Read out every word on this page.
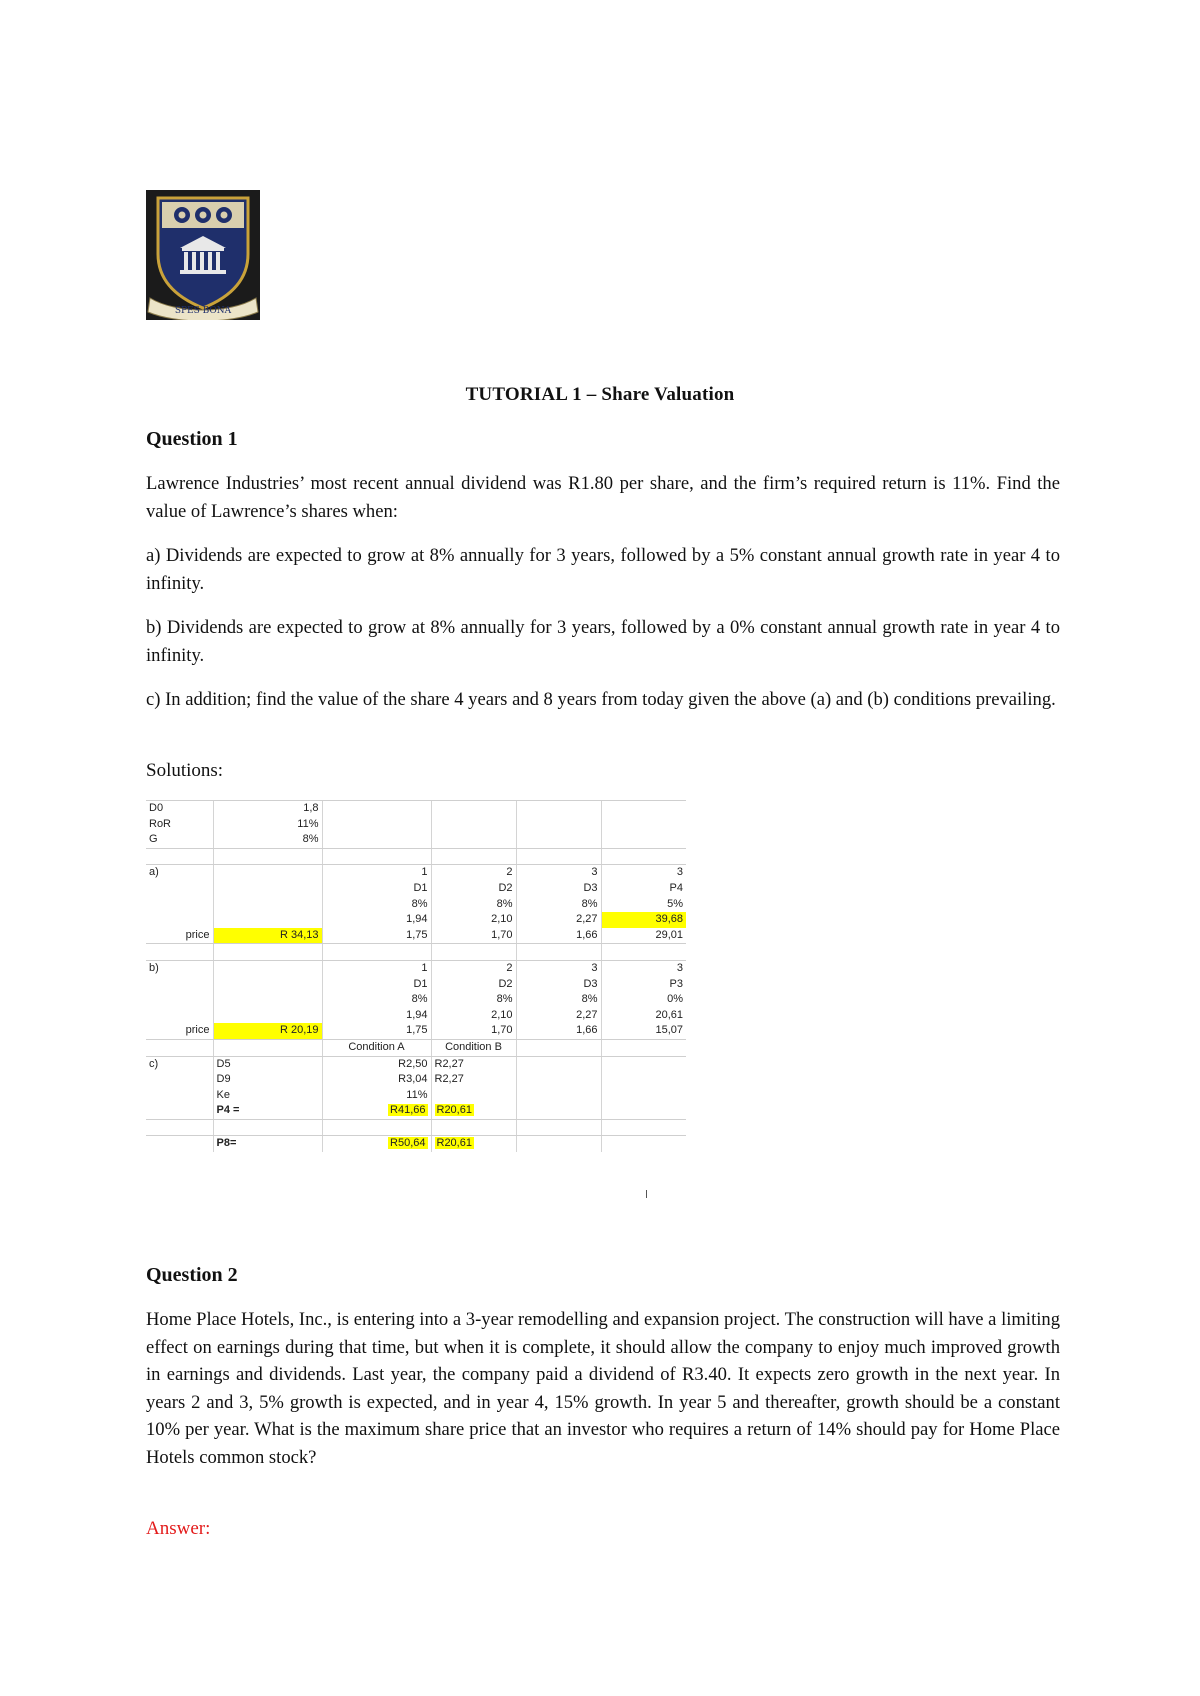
SPES BONA
TUTORIAL 1 – Share Valuation
Question 1
Lawrence Industries’ most recent annual dividend was R1.80 per share, and the firm’s required return is 11%. Find the value of Lawrence’s shares when:
a) Dividends are expected to grow at 8% annually for 3 years, followed by a 5% constant annual growth rate in year 4 to infinity.
b) Dividends are expected to grow at 8% annually for 3 years, followed by a 0% constant annual growth rate in year 4 to infinity.
c) In addition; find the value of the share 4 years and 8 years from today given the above (a) and (b) conditions prevailing.
Solutions:
D0	1,8				
RoR	11%				
G	8%				

a)		1	2	3	3
		D1	D2	D3	P4
		8%	8%	8%	5%
		1,94	2,10	2,27	39,68
price	R 34,13	1,75	1,70	1,66	29,01

b)		1	2	3	3
		D1	D2	D3	P3
		8%	8%	8%	0%
		1,94	2,10	2,27	20,61
price	R 20,19	1,75	1,70	1,66	15,07
		Condition A	Condition B		
c)	D5	R2,50	R2,27		
	D9	R3,04	R2,27		
	Ke	11%			
	P4 =	R41,66	R20,61		

	P8=	R50,64	R20,61		
Question 2
Home Place Hotels, Inc., is entering into a 3-year remodelling and expansion project. The construction will have a limiting effect on earnings during that time, but when it is complete, it should allow the company to enjoy much improved growth in earnings and dividends. Last year, the company paid a dividend of R3.40. It expects zero growth in the next year. In years 2 and 3, 5% growth is expected, and in year 4, 15% growth. In year 5 and thereafter, growth should be a constant 10% per year. What is the maximum share price that an investor who requires a return of 14% should pay for Home Place Hotels common stock?
Answer:
